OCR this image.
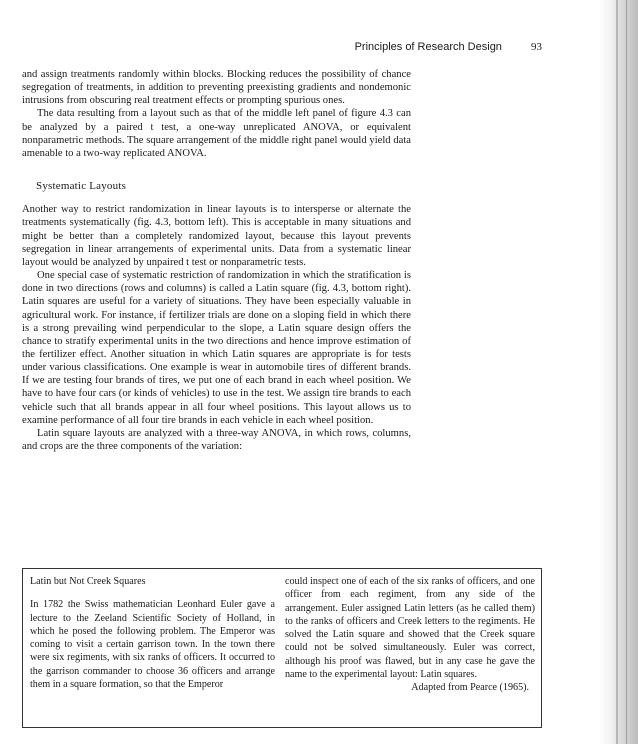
Principles of Research Design	93

and assign treatments randomly within blocks. Blocking reduces the possibility of chance segregation of treatments, in addition to preventing preexisting gradients and nondemonic intrusions from obscuring real treatment effects or prompting spurious ones.

The data resulting from a layout such as that of the middle left panel of figure 4.3 can be analyzed by a paired t test, a one-way unreplicated ANOVA, or equivalent nonparametric methods. The square arrangement of the middle right panel would yield data amenable to a two-way replicated ANOVA.

Systematic Layouts

Another way to restrict randomization in linear layouts is to intersperse or alternate the treatments systematically (fig. 4.3, bottom left). This is acceptable in many situations and might be better than a completely randomized layout, because this layout prevents segregation in linear arrangements of experimental units. Data from a systematic linear layout would be analyzed by unpaired t test or nonparametric tests.

One special case of systematic restriction of randomization in which the stratification is done in two directions (rows and columns) is called a Latin square (fig. 4.3, bottom right). Latin squares are useful for a variety of situations. They have been especially valuable in agricultural work. For instance, if fertilizer trials are done on a sloping field in which there is a strong prevailing wind perpendicular to the slope, a Latin square design offers the chance to stratify experimental units in the two directions and hence improve estimation of the fertilizer effect. Another situation in which Latin squares are appropriate is for tests under various classifications. One example is wear in automobile tires of different brands. If we are testing four brands of tires, we put one of each brand in each wheel position. We have to have four cars (or kinds of vehicles) to use in the test. We assign tire brands to each vehicle such that all brands appear in all four wheel positions. This layout allows us to examine performance of all four tire brands in each vehicle in each wheel position.

Latin square layouts are analyzed with a three-way ANOVA, in which rows, columns, and crops are the three components of the variation:

Latin but Not Creek Squares

In 1782 the Swiss mathematician Leonhard Euler gave a lecture to the Zeeland Scientific Society of Holland, in which he posed the following problem. The Emperor was coming to visit a certain garrison town. In the town there were six regiments, with six ranks of officers. It occurred to the garrison commander to choose 36 officers and arrange them in a square formation, so that the Emperor

could inspect one of each of the six ranks of officers, and one officer from each regiment, from any side of the arrangement. Euler assigned Latin letters (as he called them) to the ranks of officers and Creek letters to the regiments. He solved the Latin square and showed that the Creek square could not be solved simultaneously. Euler was correct, although his proof was flawed, but in any case he gave the name to the experimental layout: Latin squares.

Adapted from Pearce (1965).
